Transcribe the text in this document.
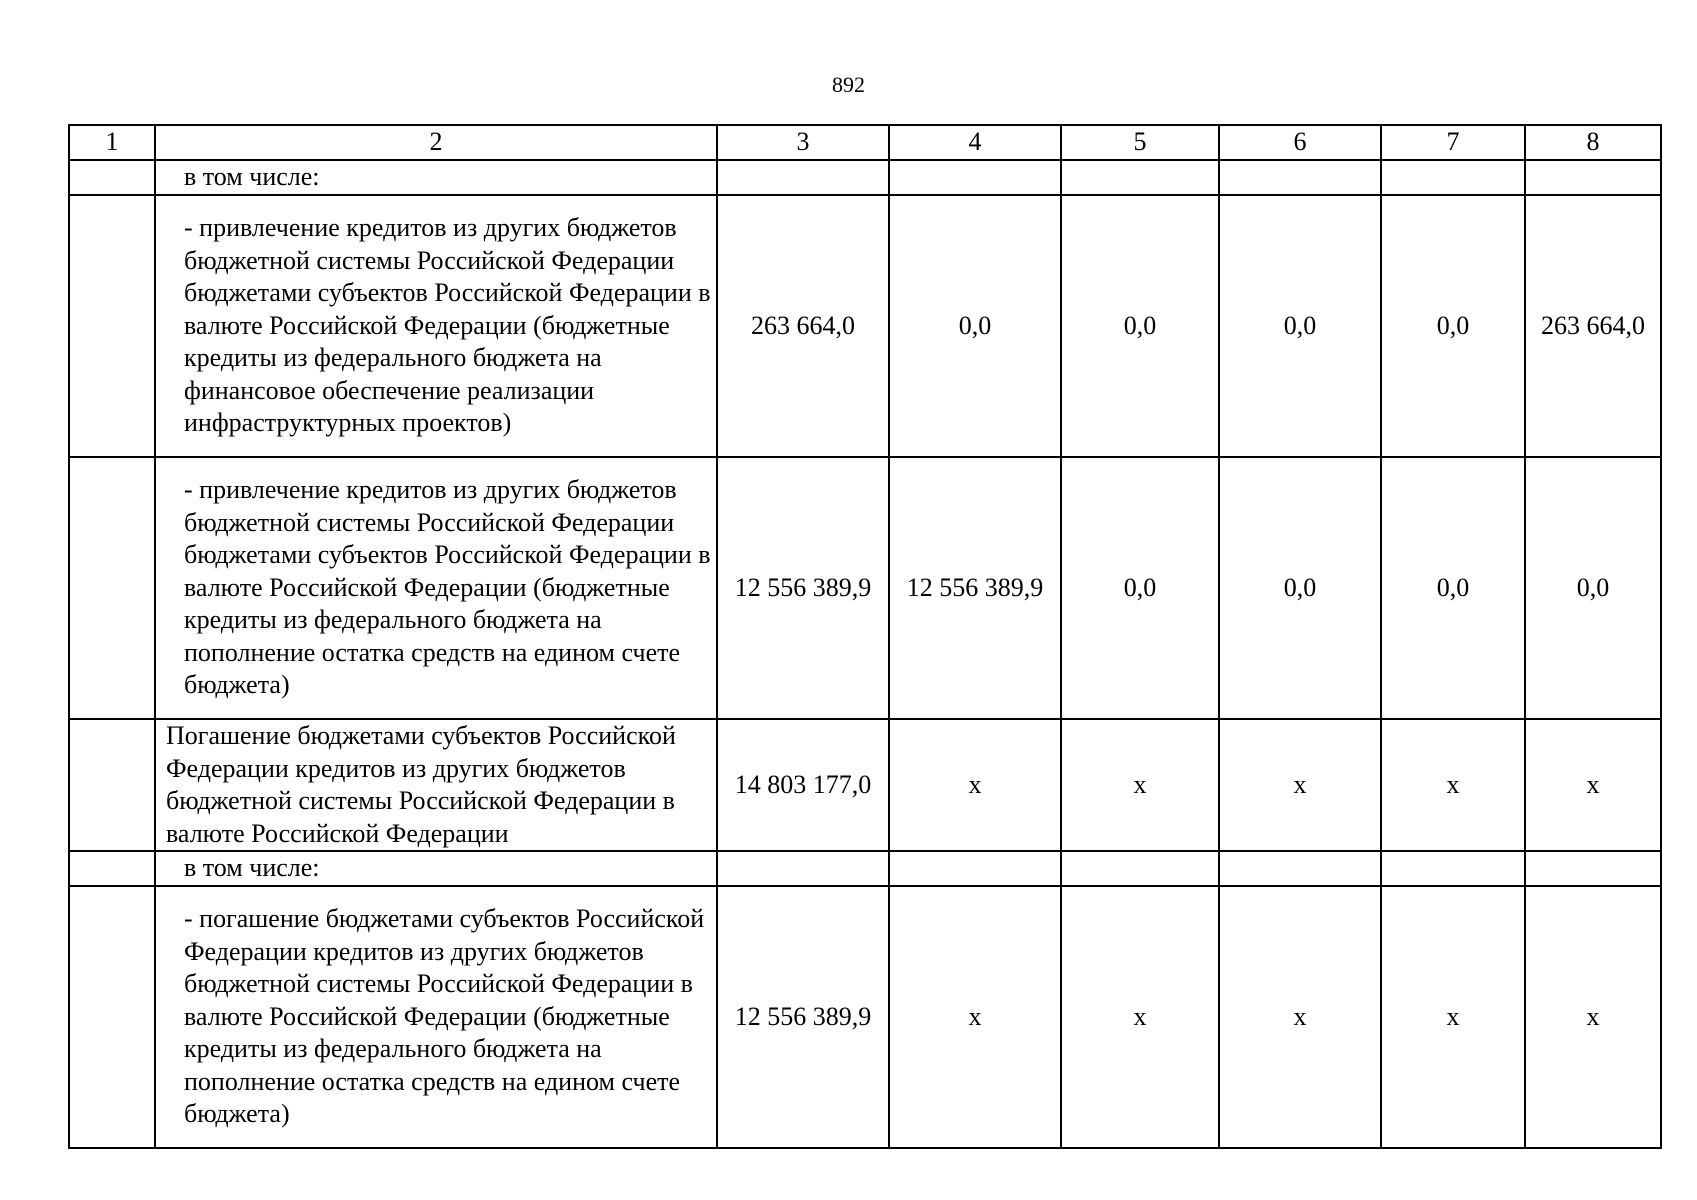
892
1	2	3	4	5	6	7	8

	в том числе:						

	- привлечение кредитов из других бюджетов бюджетной системы Российской Федерации бюджетами субъектов Российской Федерации в валюте Российской Федерации (бюджетные кредиты из федерального бюджета на финансовое обеспечение реализации инфраструктурных проектов)	263 664,0	0,0	0,0	0,0	0,0	263 664,0

	- привлечение кредитов из других бюджетов бюджетной системы Российской Федерации бюджетами субъектов Российской Федерации в валюте Российской Федерации (бюджетные кредиты из федерального бюджета на пополнение остатка средств на едином счете бюджета)	12 556 389,9	12 556 389,9	0,0	0,0	0,0	0,0

	Погашение бюджетами субъектов Российской Федерации кредитов из других бюджетов бюджетной системы Российской Федерации в валюте Российской Федерации	14 803 177,0	х	х	х	х	х

	в том числе:						

	- погашение бюджетами субъектов Российской Федерации кредитов из других бюджетов бюджетной системы Российской Федерации в валюте Российской Федерации (бюджетные кредиты из федерального бюджета на пополнение остатка средств на едином счете бюджета)	12 556 389,9	х	х	х	х	х
